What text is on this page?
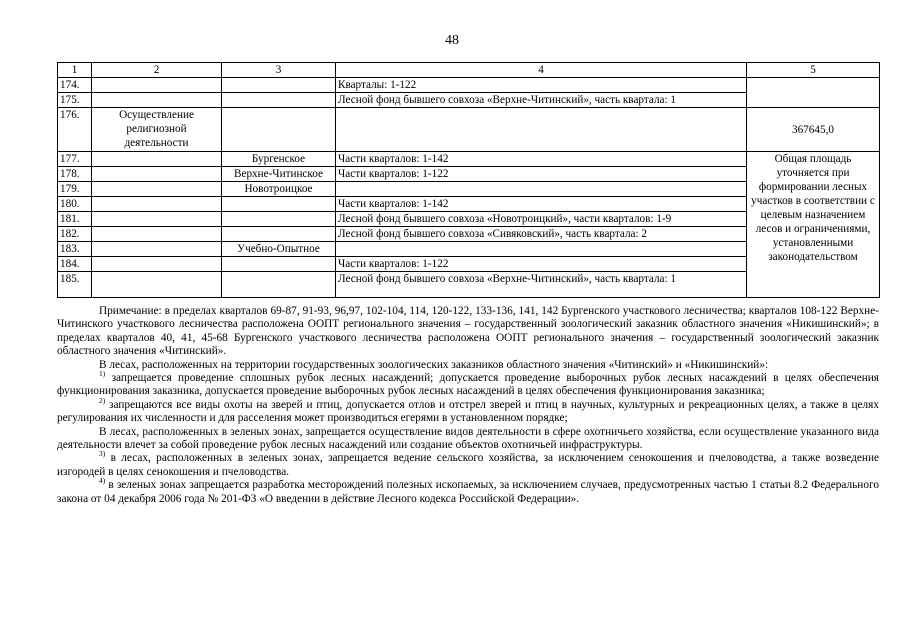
48
1	2	3	4	5
174.			Кварталы: 1-122	
175.			Лесной фонд бывшего совхоза «Верхне-Читинский», часть квартала: 1	
176.	Осуществление религиозной деятельности			367645,0
177.		Бургенское	Части кварталов: 1-142	Общая площадь уточняется при формировании лесных участков в соответствии с целевым назначением лесов и ограничениями, установленными законодательством
178.		Верхне-Читинское	Части кварталов: 1-122	
179.		Новотроицкое		
180.			Части кварталов: 1-142	
181.			Лесной фонд бывшего совхоза «Новотроицкий», части кварталов: 1-9	
182.			Лесной фонд бывшего совхоза «Сивяковский», часть квартала: 2	
183.		Учебно-Опытное		
184.			Части кварталов: 1-122	
185.			Лесной фонд бывшего совхоза «Верхне-Читинский», часть квартала: 1	

Примечание: в пределах кварталов 69-87, 91-93, 96,97, 102-104, 114, 120-122, 133-136, 141, 142 Бургенского участкового лесничества; кварталов 108-122 Верхне-Читинского участкового лесничества расположена ООПТ регионального значения – государственный зоологический заказник областного значения «Никишинский»; в пределах кварталов 40, 41, 45-68 Бургенского участкового лесничества расположена ООПТ регионального значения – государственный зоологический заказник областного значения «Читинский».

В лесах, расположенных на территории государственных зоологических заказников областного значения «Читинский» и «Никишинский»:

$^{1)}$ запрещается проведение сплошных рубок лесных насаждений; допускается проведение выборочных рубок лесных насаждений в целях обеспечения функционирования заказника, допускается проведение выборочных рубок лесных насаждений в целях обеспечения функционирования заказника;

$^{2)}$ запрещаются все виды охоты на зверей и птиц, допускается отлов и отстрел зверей и птиц в научных, культурных и рекреационных целях, а также в целях регулирования их численности и для расселения может производиться егерями в установленном порядке;

В лесах, расположенных в зеленых зонах, запрещается осуществление видов деятельности в сфере охотничьего хозяйства, если осуществление указанного вида деятельности влечет за собой проведение рубок лесных насаждений или создание объектов охотничьей инфраструктуры.

$^{3)}$ в лесах, расположенных в зеленых зонах, запрещается ведение сельского хозяйства, за исключением сенокошения и пчеловодства, а также возведение изгородей в целях сенокошения и пчеловодства.

$^{4)}$ в зеленых зонах запрещается разработка месторождений полезных ископаемых, за исключением случаев, предусмотренных частью 1 статьи 8.2 Федерального закона от 04 декабря 2006 года № 201-ФЗ «О введении в действие Лесного кодекса Российской Федерации».
